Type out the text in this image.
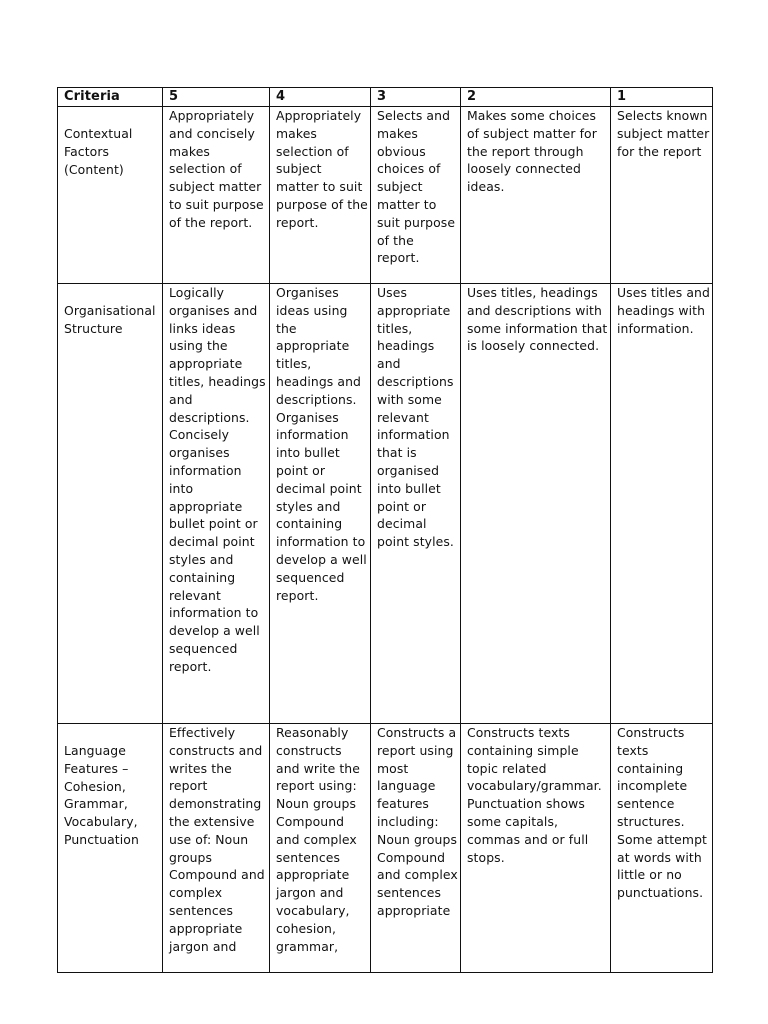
Criteria	5	4	3	2	1

Contextual Factors (Content)	Appropriately and concisely makes selection of subject matter to suit purpose of the report.	Appropriately makes selection of subject matter to suit purpose of the report.	Selects and makes obvious choices of subject matter to suit purpose of the report.	Makes some choices of subject matter for the report through loosely connected ideas.	Selects known subject matter for the report

Organisational Structure	Logically organises and links ideas using the appropriate titles, headings and descriptions. Concisely organises information into appropriate bullet point or decimal point styles and containing relevant information to develop a well sequenced report.	Organises ideas using the appropriate titles, headings and descriptions. Organises information into bullet point or decimal point styles and containing information to develop a well sequenced report.	Uses appropriate titles, headings and descriptions with some relevant information that is organised into bullet point or decimal point styles.	Uses titles, headings and descriptions with some information that is loosely connected.	Uses titles and headings with information.

Language Features – Cohesion, Grammar, Vocabulary, Punctuation	Effectively constructs and writes the report demonstrating the extensive use of: Noun groups Compound and complex sentences appropriate jargon and	Reasonably constructs and write the report using: Noun groups Compound and complex sentences appropriate jargon and vocabulary, cohesion, grammar,	Constructs a report using most language features including: Noun groups Compound and complex sentences appropriate	Constructs texts containing simple topic related vocabulary/grammar. Punctuation shows some capitals, commas and or full stops.	Constructs texts containing incomplete sentence structures. Some attempt at words with little or no punctuations.
